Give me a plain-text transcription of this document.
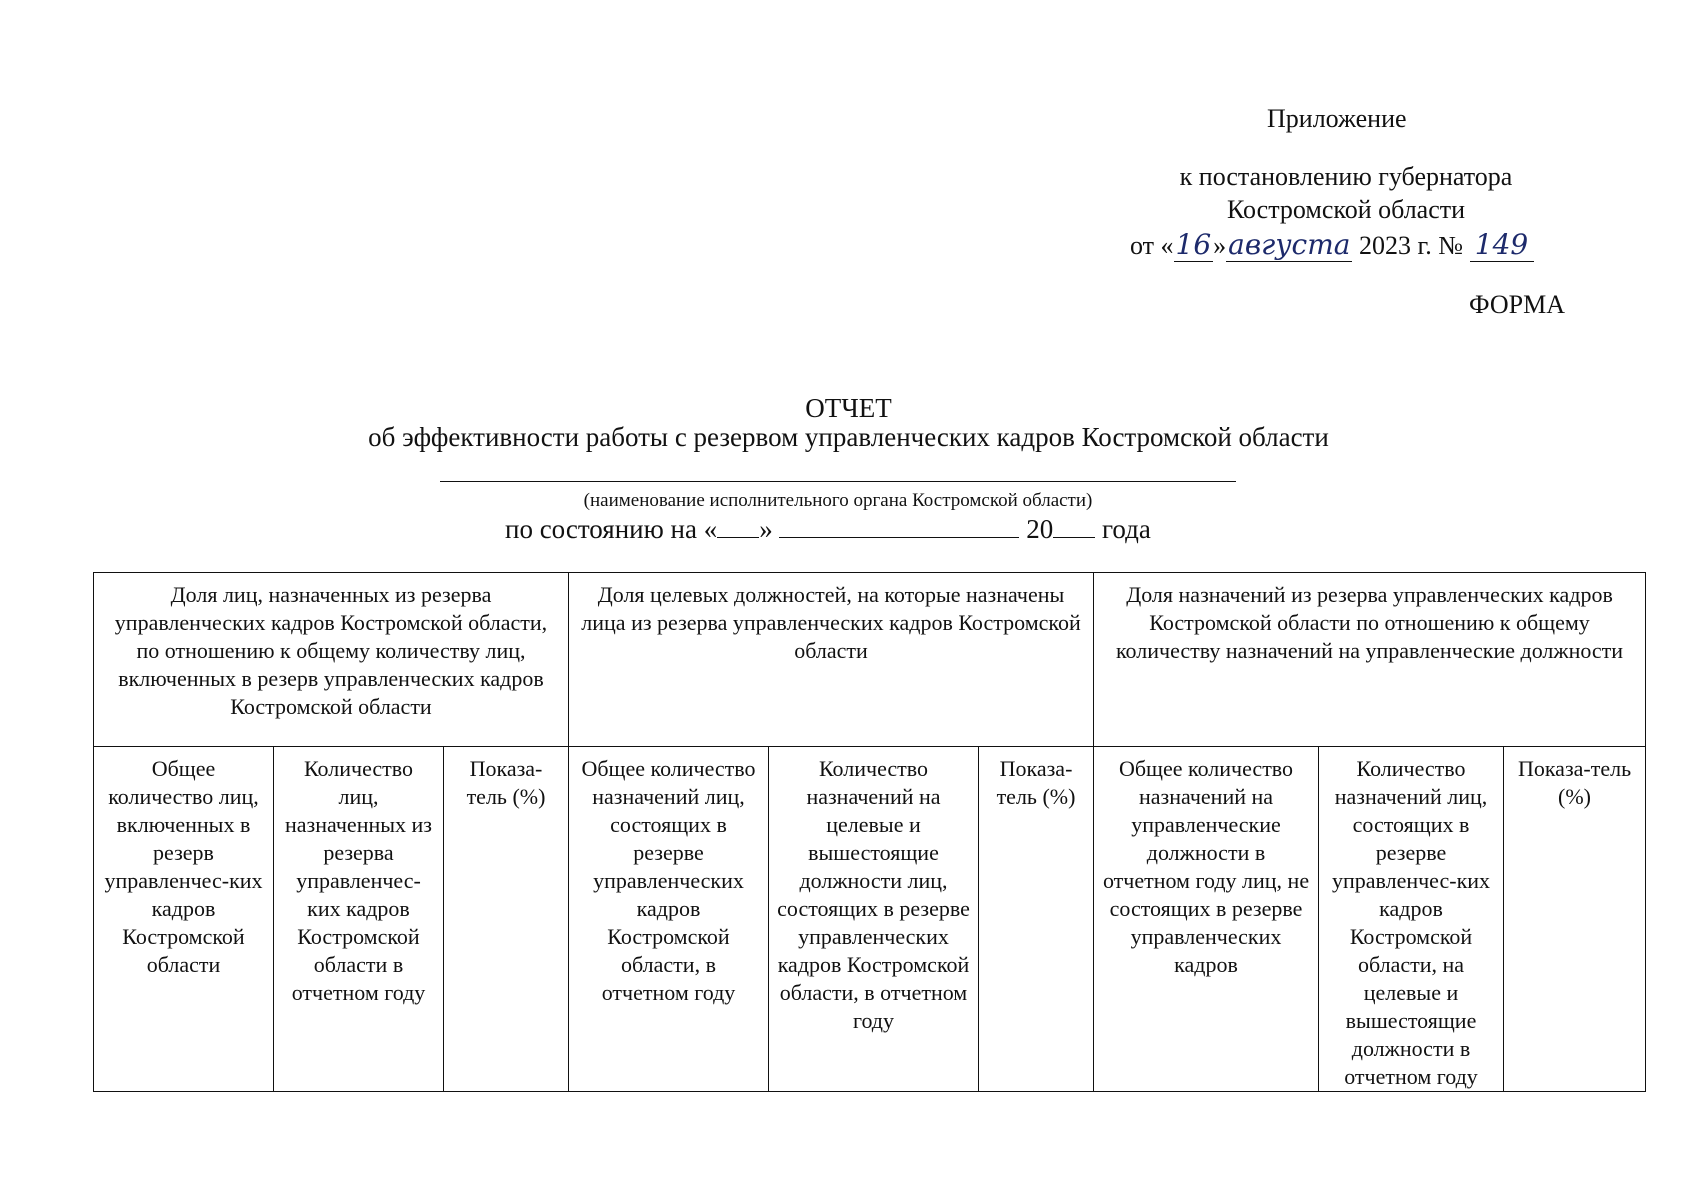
Приложение
к постановлению губернатора
Костромской области
от «16»августа 2023 г. № 149
ФОРМА
ОТЧЕТ
об эффективности работы с резервом управленческих кадров Костромской области
(наименование исполнительного органа Костромской области)
по состоянию на « »	20 года
Доля лиц, назначенных из резерва управленческих кадров Костромской области, по отношению к общему количеству лиц, включенных в резерв управленческих кадров Костромской области			Доля целевых должностей, на которые назначены лица из резерва управленческих кадров Костромской области			Доля назначений из резерва управленческих кадров Костромской области по отношению к общему количеству назначений на управленческие должности		
Общее количество лиц, включенных в резерв управленчес-ких кадров Костромской области	Количество лиц, назначенных из резерва управленчес-ких кадров Костромской области в отчетном году	Показа-тель (%)	Общее количество назначений лиц, состоящих в резерве управленческих кадров Костромской области, в отчетном году	Количество назначений на целевые и вышестоящие должности лиц, состоящих в резерве управленческих кадров Костромской области, в отчетном году	Показа-тель (%)	Общее количество назначений на управленческие должности в отчетном году лиц, не состоящих в резерве управленческих кадров	Количество назначений лиц, состоящих в резерве управленчес-ких кадров Костромской области, на целевые и вышестоящие должности в отчетном году	Показа-тель (%)
